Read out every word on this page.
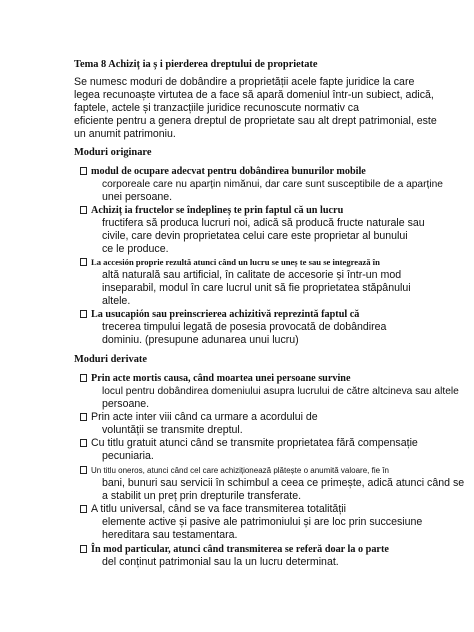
Tema 8 Achiziț ia ș i pierderea dreptului de proprietate
Se numesc moduri de dobândire a proprietății acele fapte juridice la care
legea recunoaște virtutea de a face să apară domeniul într-un subiect, adică,
faptele, actele și tranzacțiile juridice recunoscute normativ ca
eficiente pentru a genera dreptul de proprietate sau alt drept patrimonial, este
un anumit patrimoniu.
Moduri originare
modul de ocupare adecvat pentru dobândirea bunurilor mobile
corporeale care nu aparțin nimănui, dar care sunt susceptibile de a aparține
unei persoane.
Achiziț ia fructelor se îndeplineș te prin faptul că un lucru
fructifera să produca lucruri noi, adică să producă fructe naturale sau
civile, care devin proprietatea celui care este proprietar al bunului
ce le produce.
La accesión proprie rezultă atunci când un lucru se uneș te sau se integrează în
altă naturală sau artificial, în calitate de accesorie și într-un mod
inseparabil, modul în care lucrul unit să fie proprietatea stăpânului
altele.
La usucapión sau preinscrierea achizitivă reprezintă faptul că
trecerea timpului legată de posesia provocată de dobândirea
dominiu. (presupune adunarea unui lucru)
Moduri derivate
Prin acte mortis causa, când moartea unei persoane survine
locul pentru dobândirea domeniului asupra lucrului de către altcineva sau altele
persoane.
Prin acte inter viii când ca urmare a acordului de
voluntății se transmite dreptul.
Cu titlu gratuit atunci când se transmite proprietatea fără compensație
pecuniaria.
Un titlu oneros, atunci când cel care achiziționează plătește o anumită valoare, fie în
bani, bunuri sau servicii în schimbul a ceea ce primește, adică atunci când se
a stabilit un preț prin drepturile transferate.
A titlu universal, când se va face transmiterea totalității
elemente active și pasive ale patrimoniului și are loc prin succesiune
hereditara sau testamentara.
În mod particular, atunci când transmiterea se referă doar la o parte
del conținut patrimonial sau la un lucru determinat.
